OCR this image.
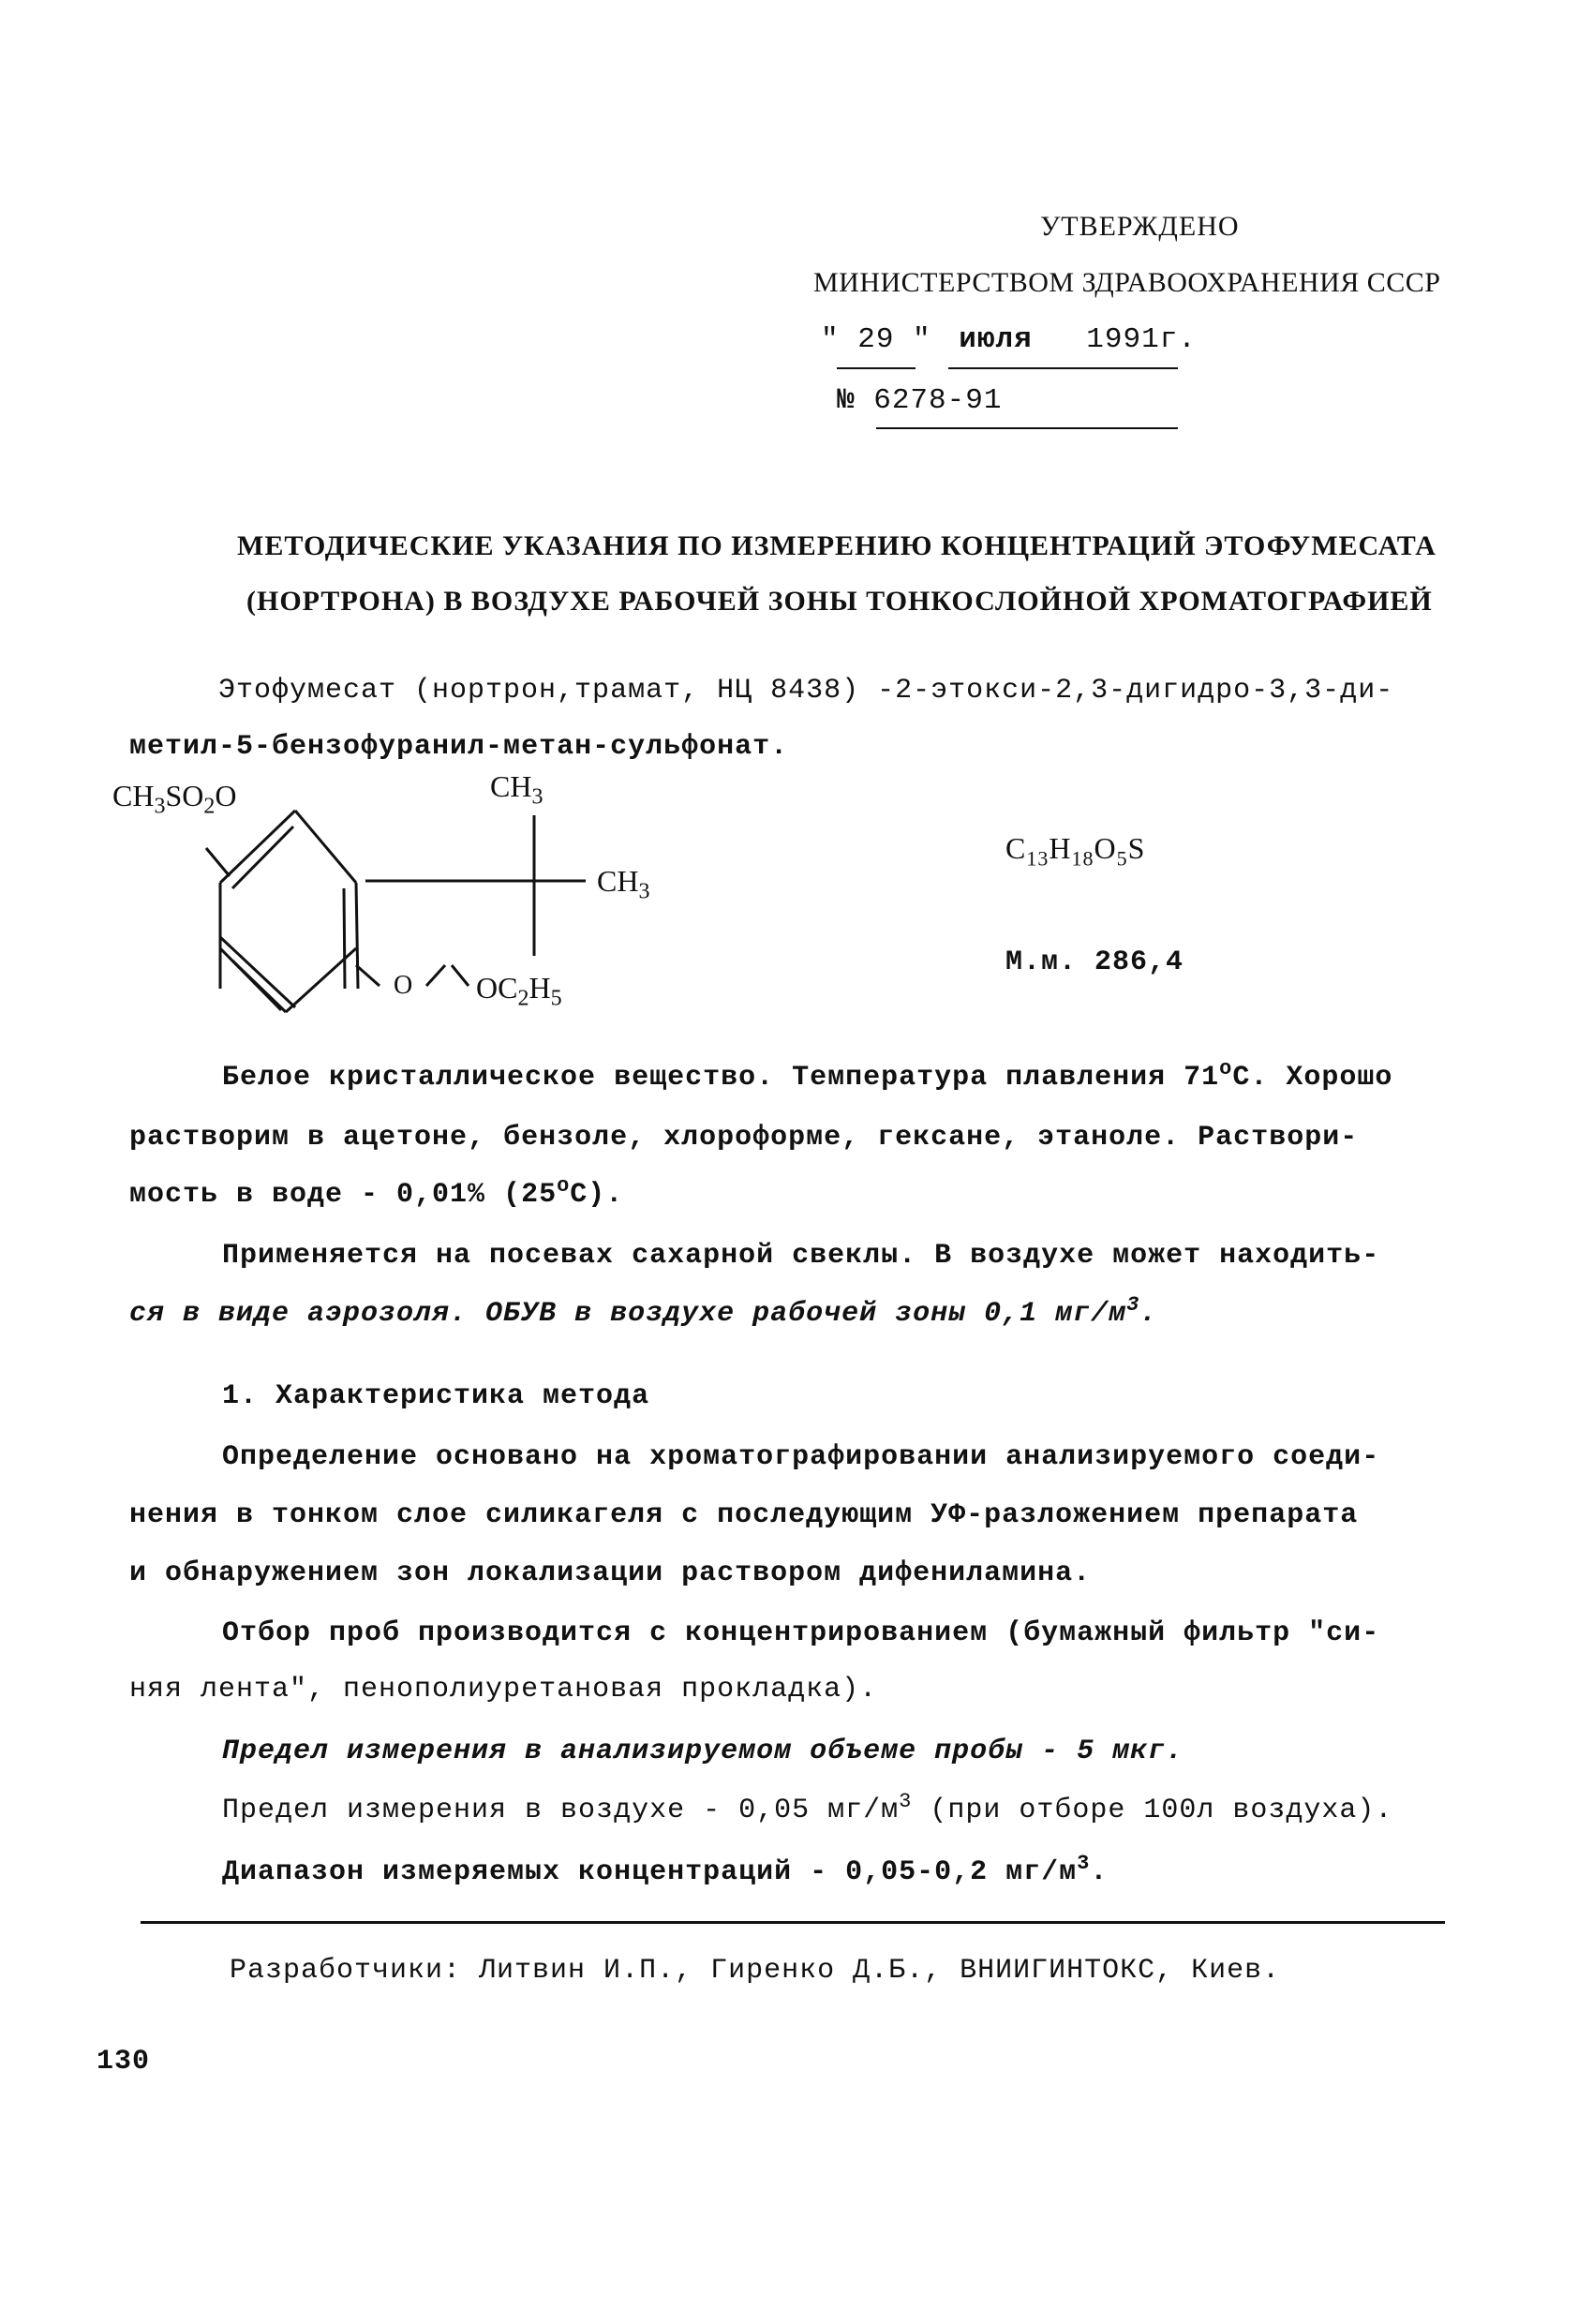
УТВЕРЖДЕНО
МИНИСТЕРСТВОМ ЗДРАВООХРАНЕНИЯ СССР
" 29 " июля 1991г.
№ 6278-91
МЕТОДИЧЕСКИЕ УКАЗАНИЯ ПО ИЗМЕРЕНИЮ КОНЦЕНТРАЦИЙ ЭТОФУМЕСАТА
(НОРТРОНА) В ВОЗДУХЕ РАБОЧЕЙ ЗОНЫ ТОНКОСЛОЙНОЙ ХРОМАТОГРАФИЕЙ
Этофумесат (нортрон,трамат, НЦ 8438) -2-этокси-2,3-дигидро-3,3-ди-
метил-5-бензофуранил-метан-сульфонат.
$CH_3SO_2O$	$CH_3$
$CH_3$
O $OC_2H_5$
$C_{13}H_{18}O_5S$
М.м. 286,4
Белое кристаллическое вещество. Температура плавления 71$^o$С. Хорошо
растворим в ацетоне, бензоле, хлороформе, гексане, этаноле. Раствори-
мость в воде - 0,01% (25$^o$С).
Применяется на посевах сахарной свеклы. В воздухе может находить-
ся в виде аэрозоля. ОБУВ в воздухе рабочей зоны 0,1 $мг/м^3$.
1. Характеристика метода
Определение основано на хроматографировании анализируемого соеди-
нения в тонком слое силикагеля с последующим УФ-разложением препарата
и обнаружением зон локализации раствором дифениламина.
Отбор проб производится с концентрированием (бумажный фильтр "си-
няя лента", пенополиуретановая прокладка).
Предел измерения в анализируемом объеме пробы - 5 мкг.
Предел измерения в воздухе - 0,05 $мг/м^3$ (при отборе 100л воздуха).
Диапазон измеряемых концентраций - 0,05-0,2 $мг/м^3$.
Разработчики: Литвин И.П., Гиренко Д.Б., ВНИИГИНТОКС, Киев.
130
